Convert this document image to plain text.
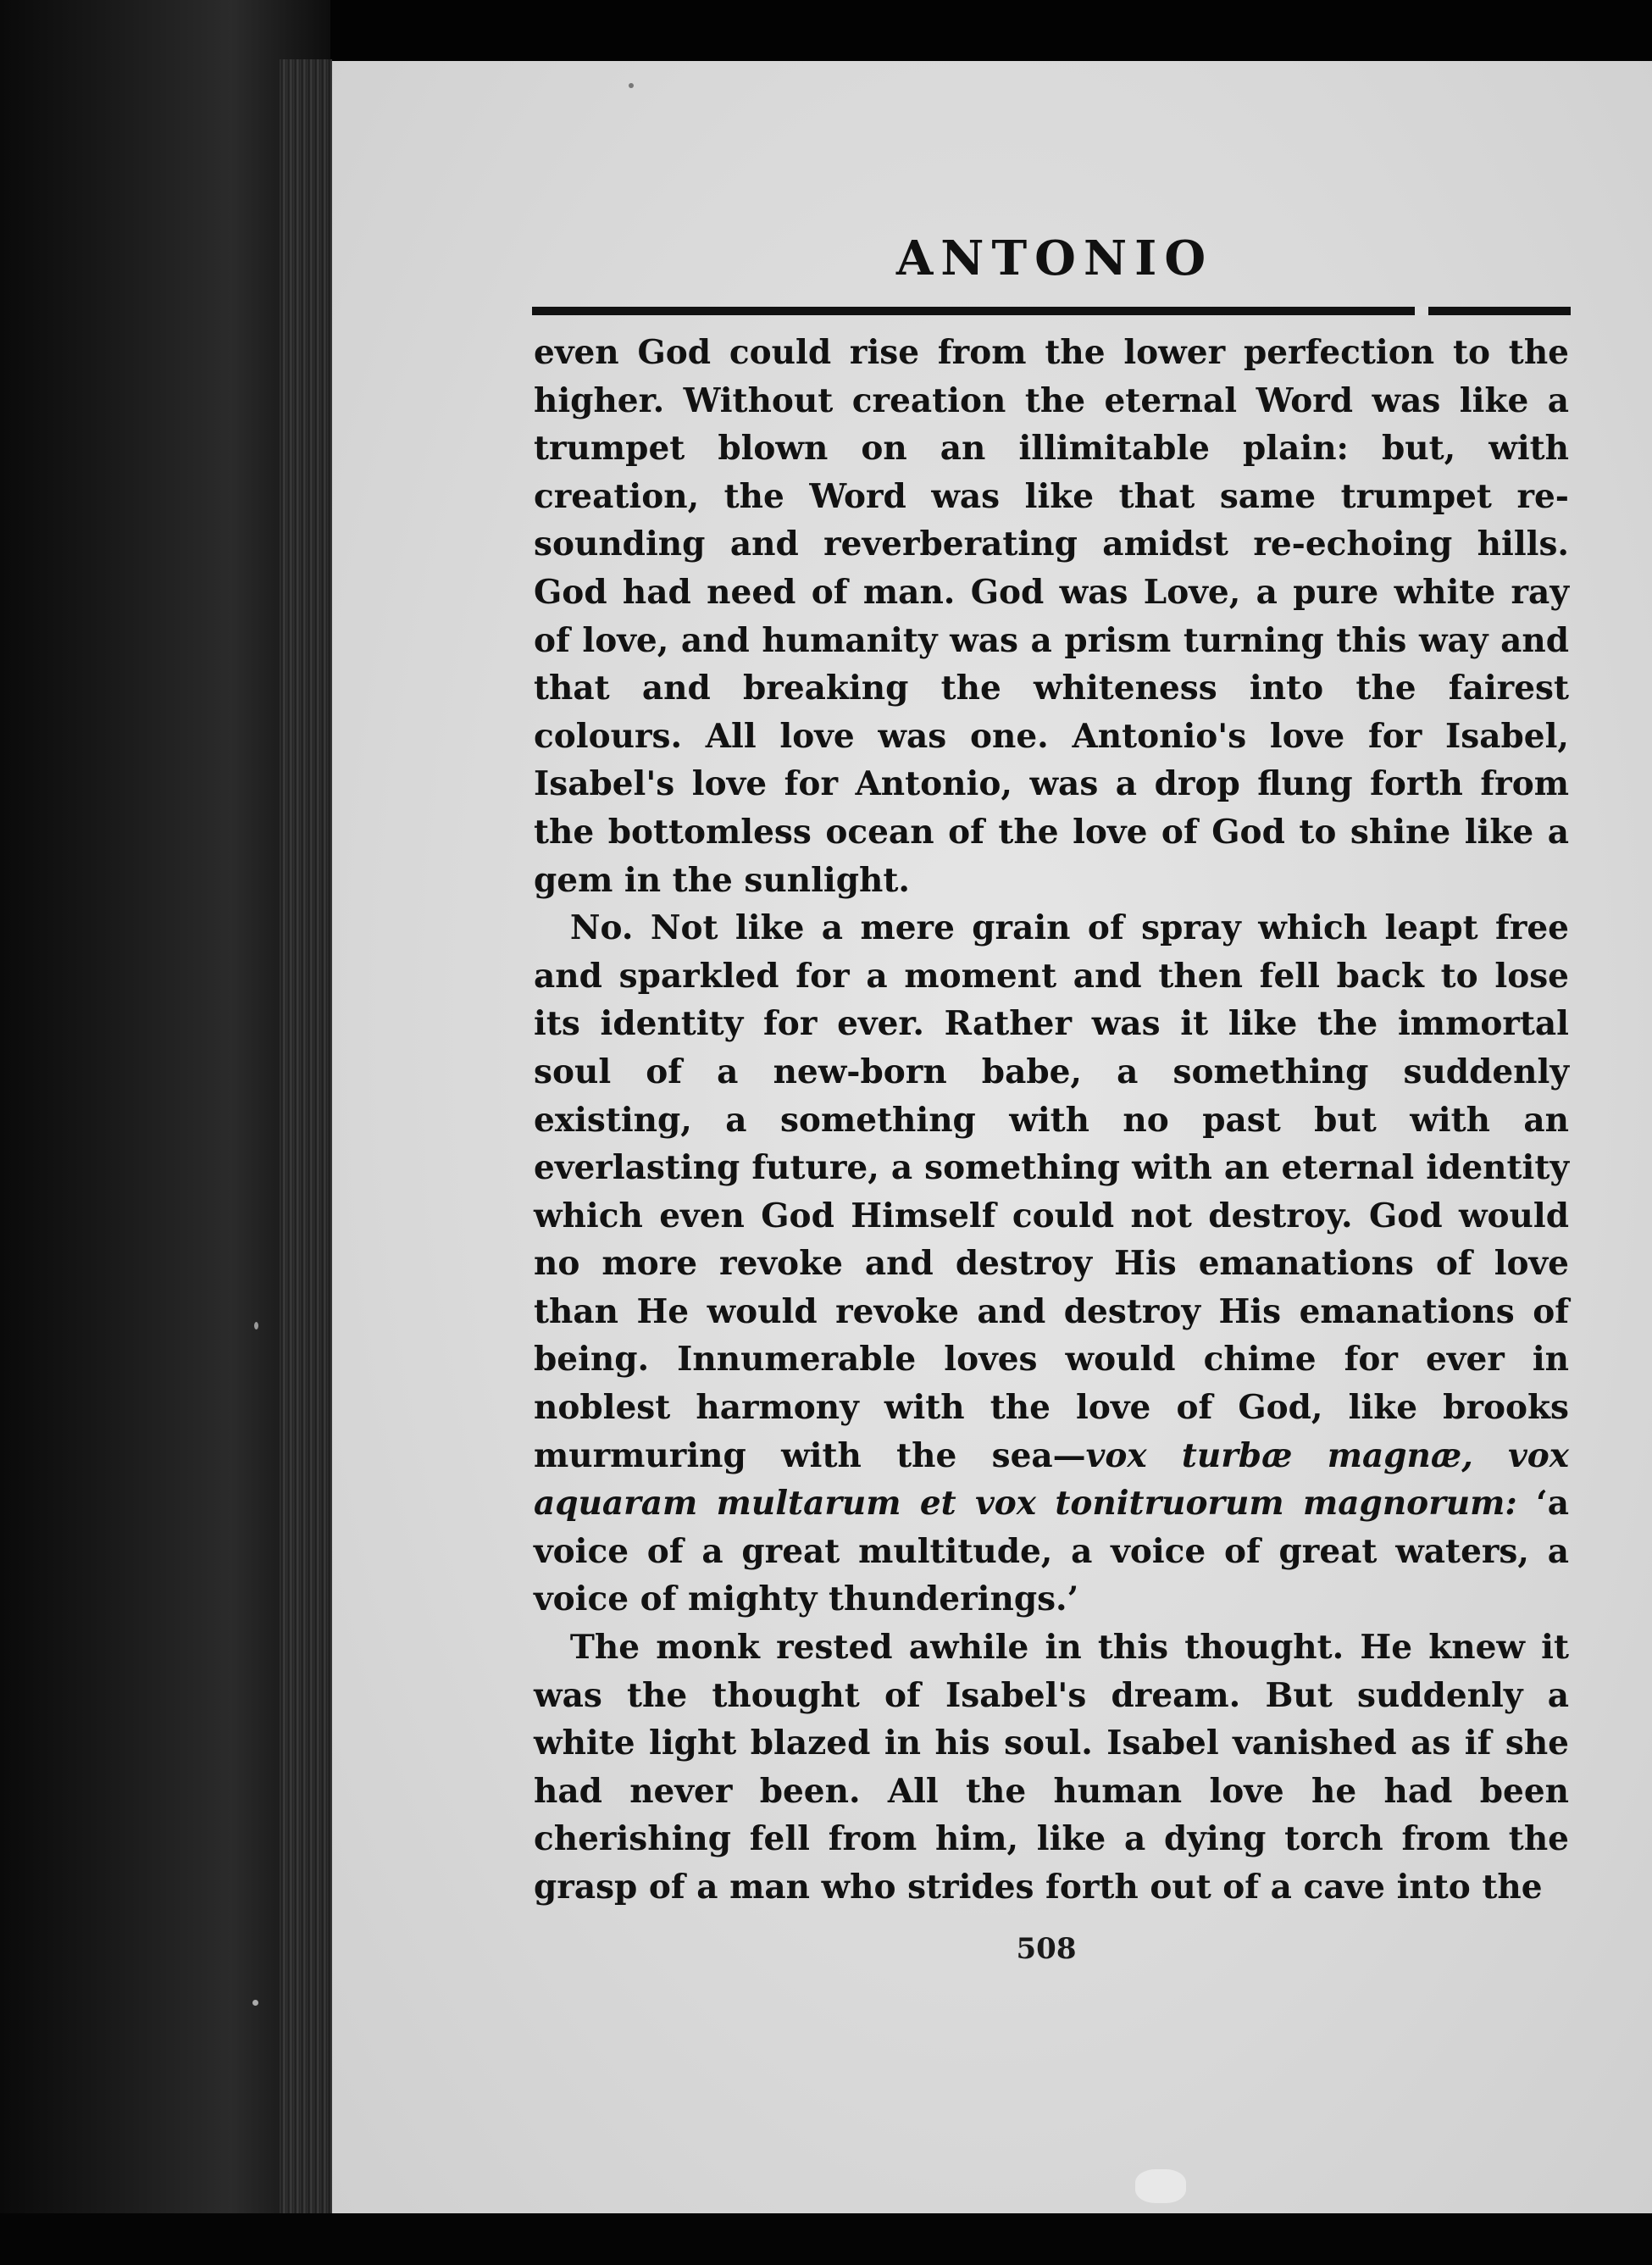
ANTONIO

even God could rise from the lower perfection to the higher. Without creation the eternal Word was like a trumpet blown on an illimitable plain: but, with creation, the Word was like that same trumpet re-sounding and reverberating amidst re-echoing hills. God had need of man. God was Love, a pure white ray of love, and humanity was a prism turning this way and that and breaking the whiteness into the fairest colours. All love was one. Antonio's love for Isabel, Isabel's love for Antonio, was a drop flung forth from the bottomless ocean of the love of God to shine like a gem in the sunlight.

No. Not like a mere grain of spray which leapt free and sparkled for a moment and then fell back to lose its identity for ever. Rather was it like the immortal soul of a new-born babe, a something suddenly existing, a something with no past but with an everlasting future, a something with an eternal identity which even God Himself could not destroy. God would no more revoke and destroy His emanations of love than He would revoke and destroy His emanations of being. Innumerable loves would chime for ever in noblest harmony with the love of God, like brooks murmuring with the sea—vox turbæ magnæ, vox aquaram multarum et vox tonitruorum magnorum: ‘a voice of a great multitude, a voice of great waters, a voice of mighty thunderings.’

The monk rested awhile in this thought. He knew it was the thought of Isabel's dream. But suddenly a white light blazed in his soul. Isabel vanished as if she had never been. All the human love he had been cherishing fell from him, like a dying torch from the grasp of a man who strides forth out of a cave into the

508
